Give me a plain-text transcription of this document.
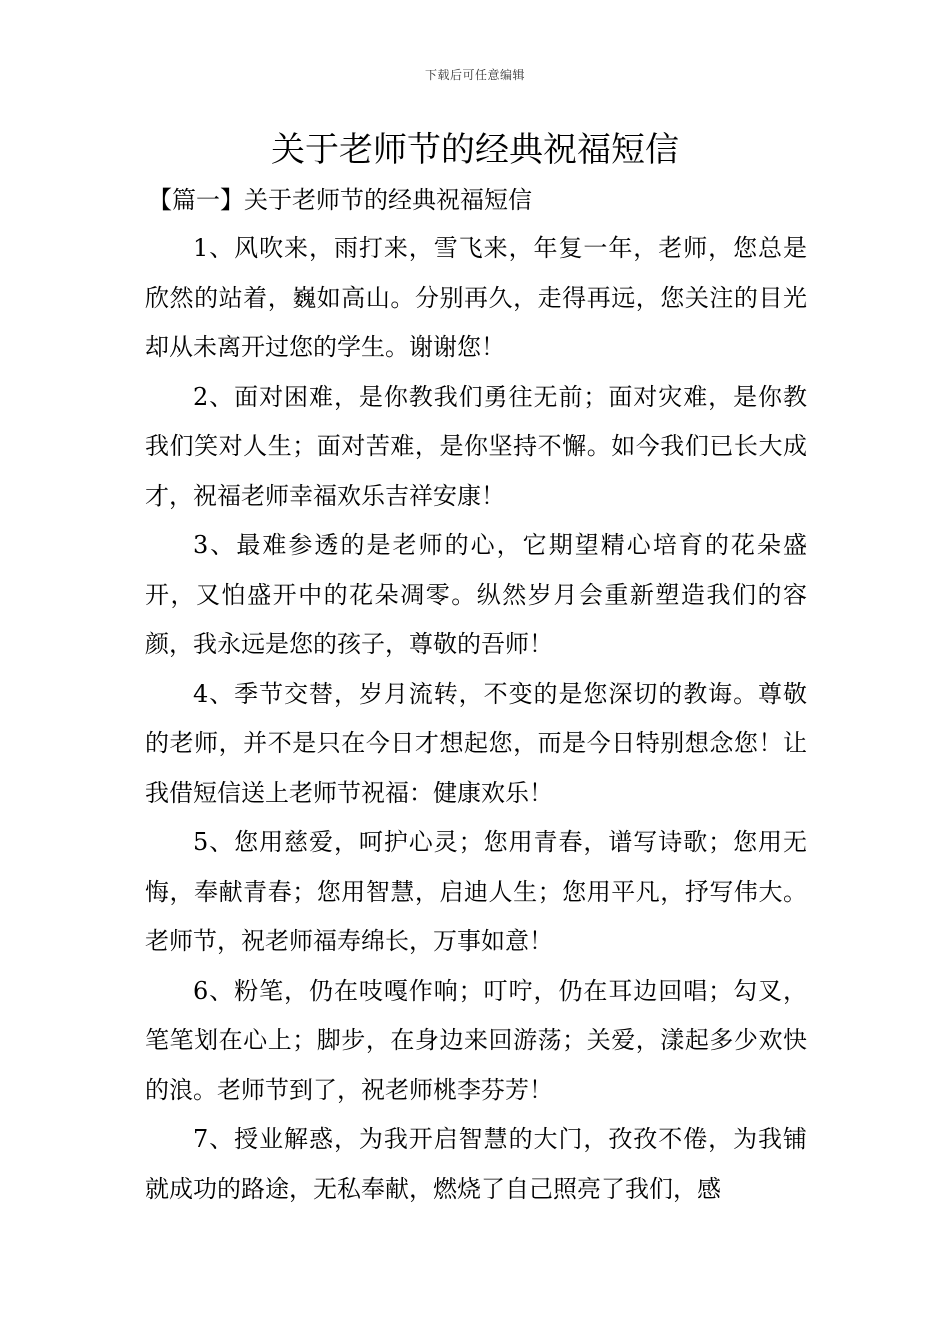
下载后可任意编辑
关于老师节的经典祝福短信
【篇一】关于老师节的经典祝福短信

1、风吹来，雨打来，雪飞来，年复一年，老师，您总是欣然的站着，巍如高山。分别再久，走得再远，您关注的目光却从未离开过您的学生。谢谢您！

2、面对困难，是你教我们勇往无前；面对灾难，是你教我们笑对人生；面对苦难，是你坚持不懈。如今我们已长大成才，祝福老师幸福欢乐吉祥安康！

3、最难参透的是老师的心，它期望精心培育的花朵盛开，又怕盛开中的花朵凋零。纵然岁月会重新塑造我们的容颜，我永远是您的孩子，尊敬的吾师！

4、季节交替，岁月流转，不变的是您深切的教诲。尊敬的老师，并不是只在今日才想起您，而是今日特别想念您！让我借短信送上老师节祝福：健康欢乐！

5、您用慈爱，呵护心灵；您用青春，谱写诗歌；您用无悔，奉献青春；您用智慧，启迪人生；您用平凡，抒写伟大。老师节，祝老师福寿绵长，万事如意！

6、粉笔，仍在吱嘎作响；叮咛，仍在耳边回唱；勾叉，笔笔划在心上；脚步，在身边来回游荡；关爱，漾起多少欢快的浪。老师节到了，祝老师桃李芬芳！

7、授业解惑，为我开启智慧的大门，孜孜不倦，为我铺就成功的路途，无私奉献，燃烧了自己照亮了我们，感
